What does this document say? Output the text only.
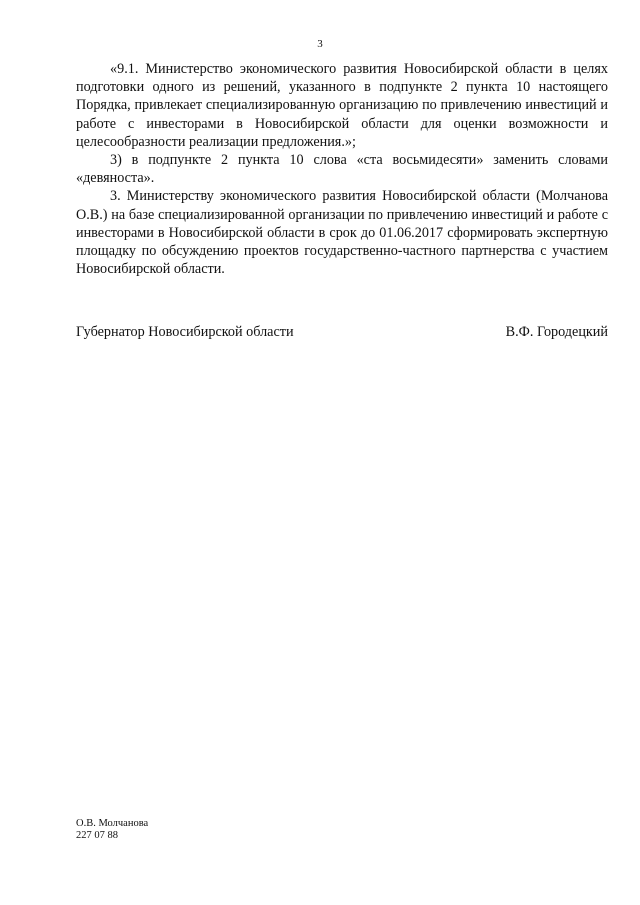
3

«9.1. Министерство экономического развития Новосибирской области в целях подготовки одного из решений, указанного в подпункте 2 пункта 10 настоящего Порядка, привлекает специализированную организацию по привлечению инвестиций и работе с инвесторами в Новосибирской области для оценки возможности и целесообразности реализации предложения.»;

3) в подпункте 2 пункта 10 слова «ста восьмидесяти» заменить словами «девяноста».

3. Министерству экономического развития Новосибирской области (Молчанова О.В.) на базе специализированной организации по привлечению инвестиций и работе с инвесторами в Новосибирской области в срок до 01.06.2017 сформировать экспертную площадку по обсуждению проектов государственно-частного партнерства с участием Новосибирской области.

Губернатор Новосибирской области	В.Ф. Городецкий
О.В. Молчанова
227 07 88
